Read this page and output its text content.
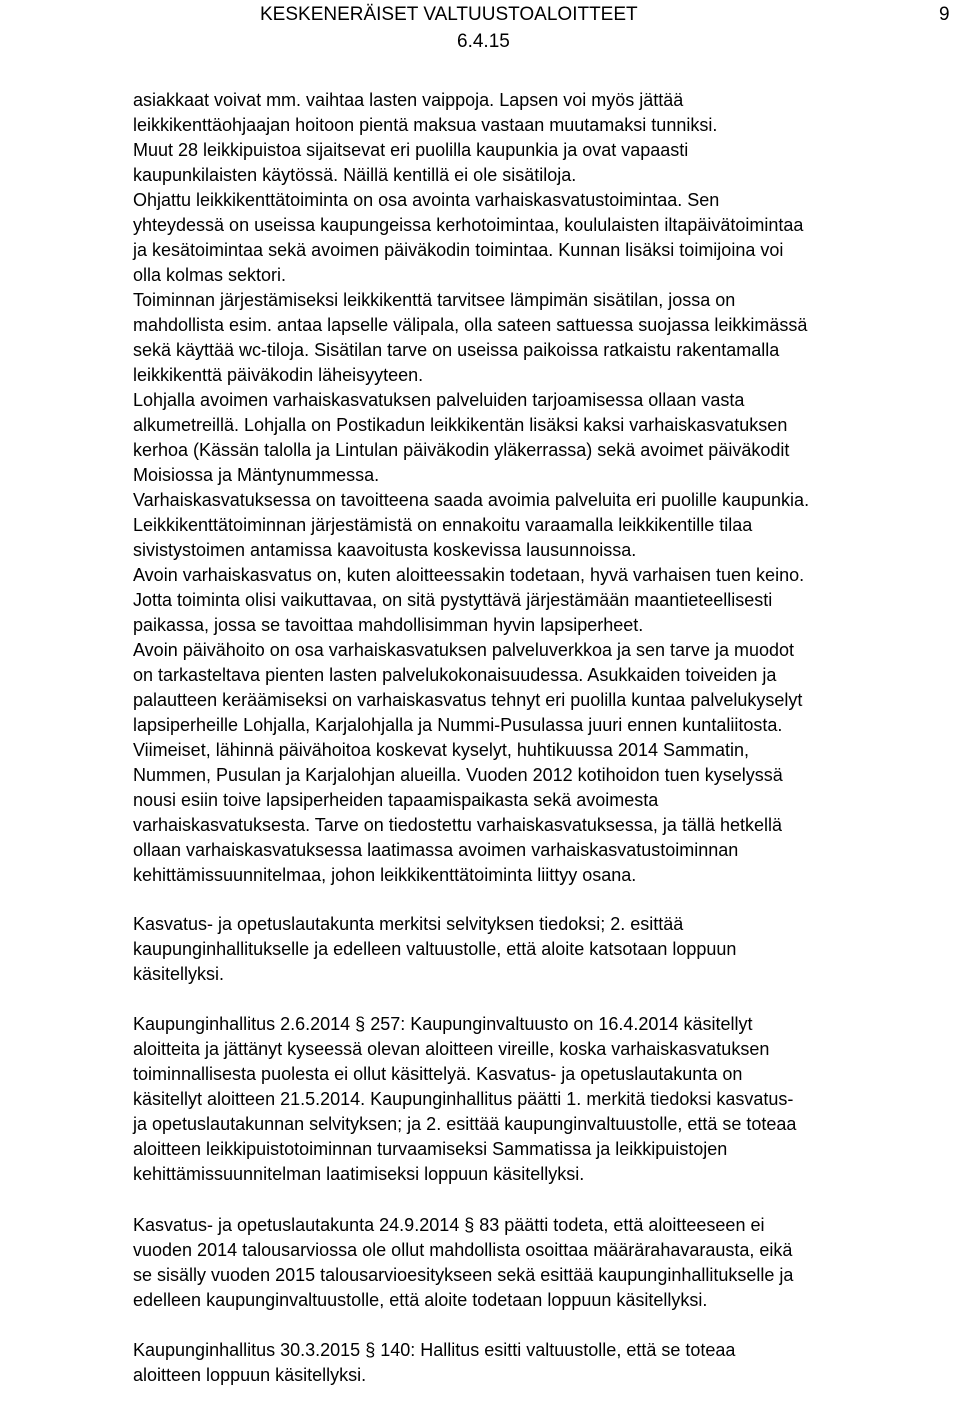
KESKENERÄISET VALTUUSTOALOITTEET
6.4.15
9
asiakkaat voivat mm. vaihtaa lasten vaippoja. Lapsen voi myös jättää
leikkikenttäohjaajan hoitoon pientä maksua vastaan muutamaksi tunniksi.
Muut 28 leikkipuistoa sijaitsevat eri puolilla kaupunkia ja ovat vapaasti
kaupunkilaisten käytössä. Näillä kentillä ei ole sisätiloja.
Ohjattu leikkikenttätoiminta on osa avointa varhaiskasvatustoimintaa. Sen
yhteydessä on useissa kaupungeissa kerhotoimintaa, koululaisten iltapäivätoimintaa
ja kesätoimintaa sekä avoimen päiväkodin toimintaa. Kunnan lisäksi toimijoina voi
olla kolmas sektori.
Toiminnan järjestämiseksi leikkikenttä tarvitsee lämpimän sisätilan, jossa on
mahdollista esim. antaa lapselle välipala, olla sateen sattuessa suojassa leikkimässä
sekä käyttää wc-tiloja. Sisätilan tarve on useissa paikoissa ratkaistu rakentamalla
leikkikenttä päiväkodin läheisyyteen.
Lohjalla avoimen varhaiskasvatuksen palveluiden tarjoamisessa ollaan vasta
alkumetreillä. Lohjalla on Postikadun leikkikentän lisäksi kaksi varhaiskasvatuksen
kerhoa (Kässän talolla ja Lintulan päiväkodin yläkerrassa) sekä avoimet päiväkodit
Moisiossa ja Mäntynummessa.
Varhaiskasvatuksessa on tavoitteena saada avoimia palveluita eri puolille kaupunkia.
Leikkikenttätoiminnan järjestämistä on ennakoitu varaamalla leikkikentille tilaa
sivistystoimen antamissa kaavoitusta koskevissa lausunnoissa.
Avoin varhaiskasvatus on, kuten aloitteessakin todetaan, hyvä varhaisen tuen keino.
Jotta toiminta olisi vaikuttavaa, on sitä pystyttävä järjestämään maantieteellisesti
paikassa, jossa se tavoittaa mahdollisimman hyvin lapsiperheet.
Avoin päivähoito on osa varhaiskasvatuksen palveluverkkoa ja sen tarve ja muodot
on tarkasteltava pienten lasten palvelukokonaisuudessa. Asukkaiden toiveiden ja
palautteen keräämiseksi on varhaiskasvatus tehnyt eri puolilla kuntaa palvelukyselyt
lapsiperheille Lohjalla, Karjalohjalla ja Nummi-Pusulassa juuri ennen kuntaliitosta.
Viimeiset, lähinnä päivähoitoa koskevat kyselyt, huhtikuussa 2014 Sammatin,
Nummen, Pusulan ja Karjalohjan alueilla. Vuoden 2012 kotihoidon tuen kyselyssä
nousi esiin toive lapsiperheiden tapaamispaikasta sekä avoimesta
varhaiskasvatuksesta. Tarve on tiedostettu varhaiskasvatuksessa, ja tällä hetkellä
ollaan varhaiskasvatuksessa laatimassa avoimen varhaiskasvatustoiminnan
kehittämissuunnitelmaa, johon leikkikenttätoiminta liittyy osana.
Kasvatus- ja opetuslautakunta merkitsi selvityksen tiedoksi; 2. esittää
kaupunginhallitukselle ja edelleen valtuustolle, että aloite katsotaan loppuun
käsitellyksi.
Kaupunginhallitus 2.6.2014 § 257: Kaupunginvaltuusto on 16.4.2014 käsitellyt
aloitteita ja jättänyt kyseessä olevan aloitteen vireille, koska varhaiskasvatuksen
toiminnallisesta puolesta ei ollut käsittelyä. Kasvatus- ja opetuslautakunta on
käsitellyt aloitteen 21.5.2014. Kaupunginhallitus päätti 1. merkitä tiedoksi kasvatus-
ja opetuslautakunnan selvityksen; ja 2. esittää kaupunginvaltuustolle, että se toteaa
aloitteen leikkipuistotoiminnan turvaamiseksi Sammatissa ja leikkipuistojen
kehittämissuunnitelman laatimiseksi loppuun käsitellyksi.
Kasvatus- ja opetuslautakunta 24.9.2014 § 83 päätti todeta, että aloitteeseen ei
vuoden 2014 talousarviossa ole ollut mahdollista osoittaa määrärahavarausta, eikä
se sisälly vuoden 2015 talousarvioesitykseen sekä esittää kaupunginhallitukselle ja
edelleen kaupunginvaltuustolle, että aloite todetaan loppuun käsitellyksi.
Kaupunginhallitus 30.3.2015 § 140: Hallitus esitti valtuustolle, että se toteaa
aloitteen loppuun käsitellyksi.
